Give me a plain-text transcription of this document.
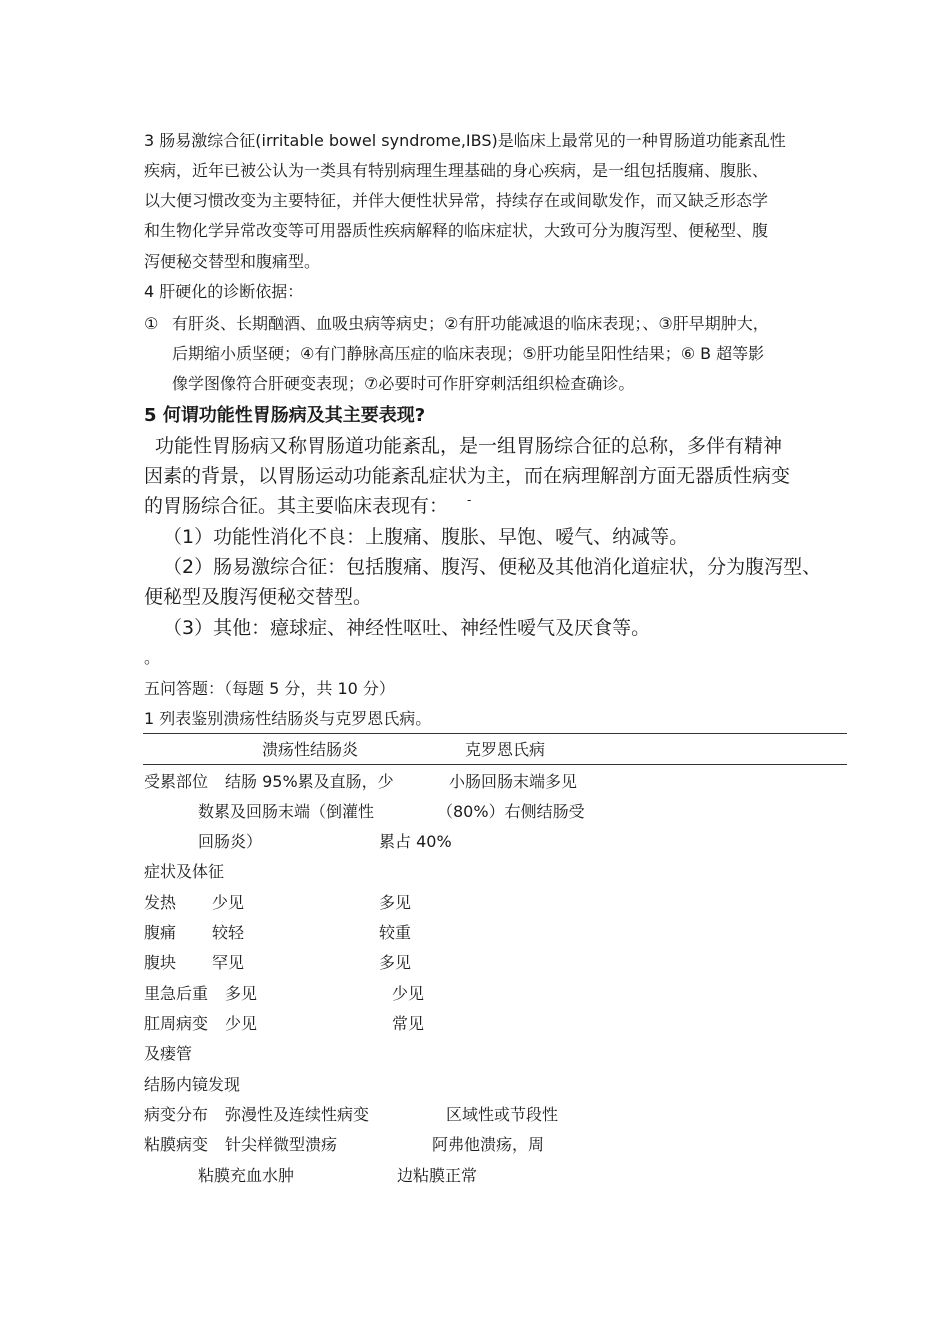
3 肠易激综合征(irritable bowel syndrome,IBS)是临床上最常见的一种胃肠道功能紊乱性
疾病，近年已被公认为一类具有特别病理生理基础的身心疾病，是一组包括腹痛、腹胀、
以大便习惯改变为主要特征，并伴大便性状异常，持续存在或间歇发作，而又缺乏形态学
和生物化学异常改变等可用器质性疾病解释的临床症状，大致可分为腹泻型、便秘型、腹
泻便秘交替型和腹痛型。
4 肝硬化的诊断依据：
① 有肝炎、长期酗酒、血吸虫病等病史；②有肝功能减退的临床表现；、③肝早期肿大，
后期缩小质坚硬；④有门静脉高压症的临床表现；⑤肝功能呈阳性结果；⑥ B 超等影
像学图像符合肝硬变表现；⑦必要时可作肝穿刺活组织检查确诊。
5 何谓功能性胃肠病及其主要表现?
功能性胃肠病又称胃肠道功能紊乱，是一组胃肠综合征的总称，多伴有精神
因素的背景，以胃肠运动功能紊乱症状为主，而在病理解剖方面无器质性病变
的胃肠综合征。其主要临床表现有： -
（1）功能性消化不良：上腹痛、腹胀、早饱、嗳气、纳减等。
（2）肠易激综合征：包括腹痛、腹泻、便秘及其他消化道症状，分为腹泻型、
便秘型及腹泻便秘交替型。
（3）其他：癔球症、神经性呕吐、神经性嗳气及厌食等。
。
五问答题：（每题 5 分，共 10 分）
1 列表鉴别溃疡性结肠炎与克罗恩氏病。
溃疡性结肠炎	克罗恩氏病
受累部位 结肠 95%累及直肠，少	小肠回肠末端多见
数累及回肠末端（倒灌性	（80%）右侧结肠受
回肠炎）	累占 40%
症状及体征
发热 少见	多见
腹痛 较轻	较重
腹块 罕见	多见
里急后重 多见	少见
肛周病变 少见	常见
及瘘管
结肠内镜发现
病变分布 弥漫性及连续性病变	区域性或节段性
粘膜病变 针尖样微型溃疡	阿弗他溃疡，周
粘膜充血水肿	边粘膜正常
